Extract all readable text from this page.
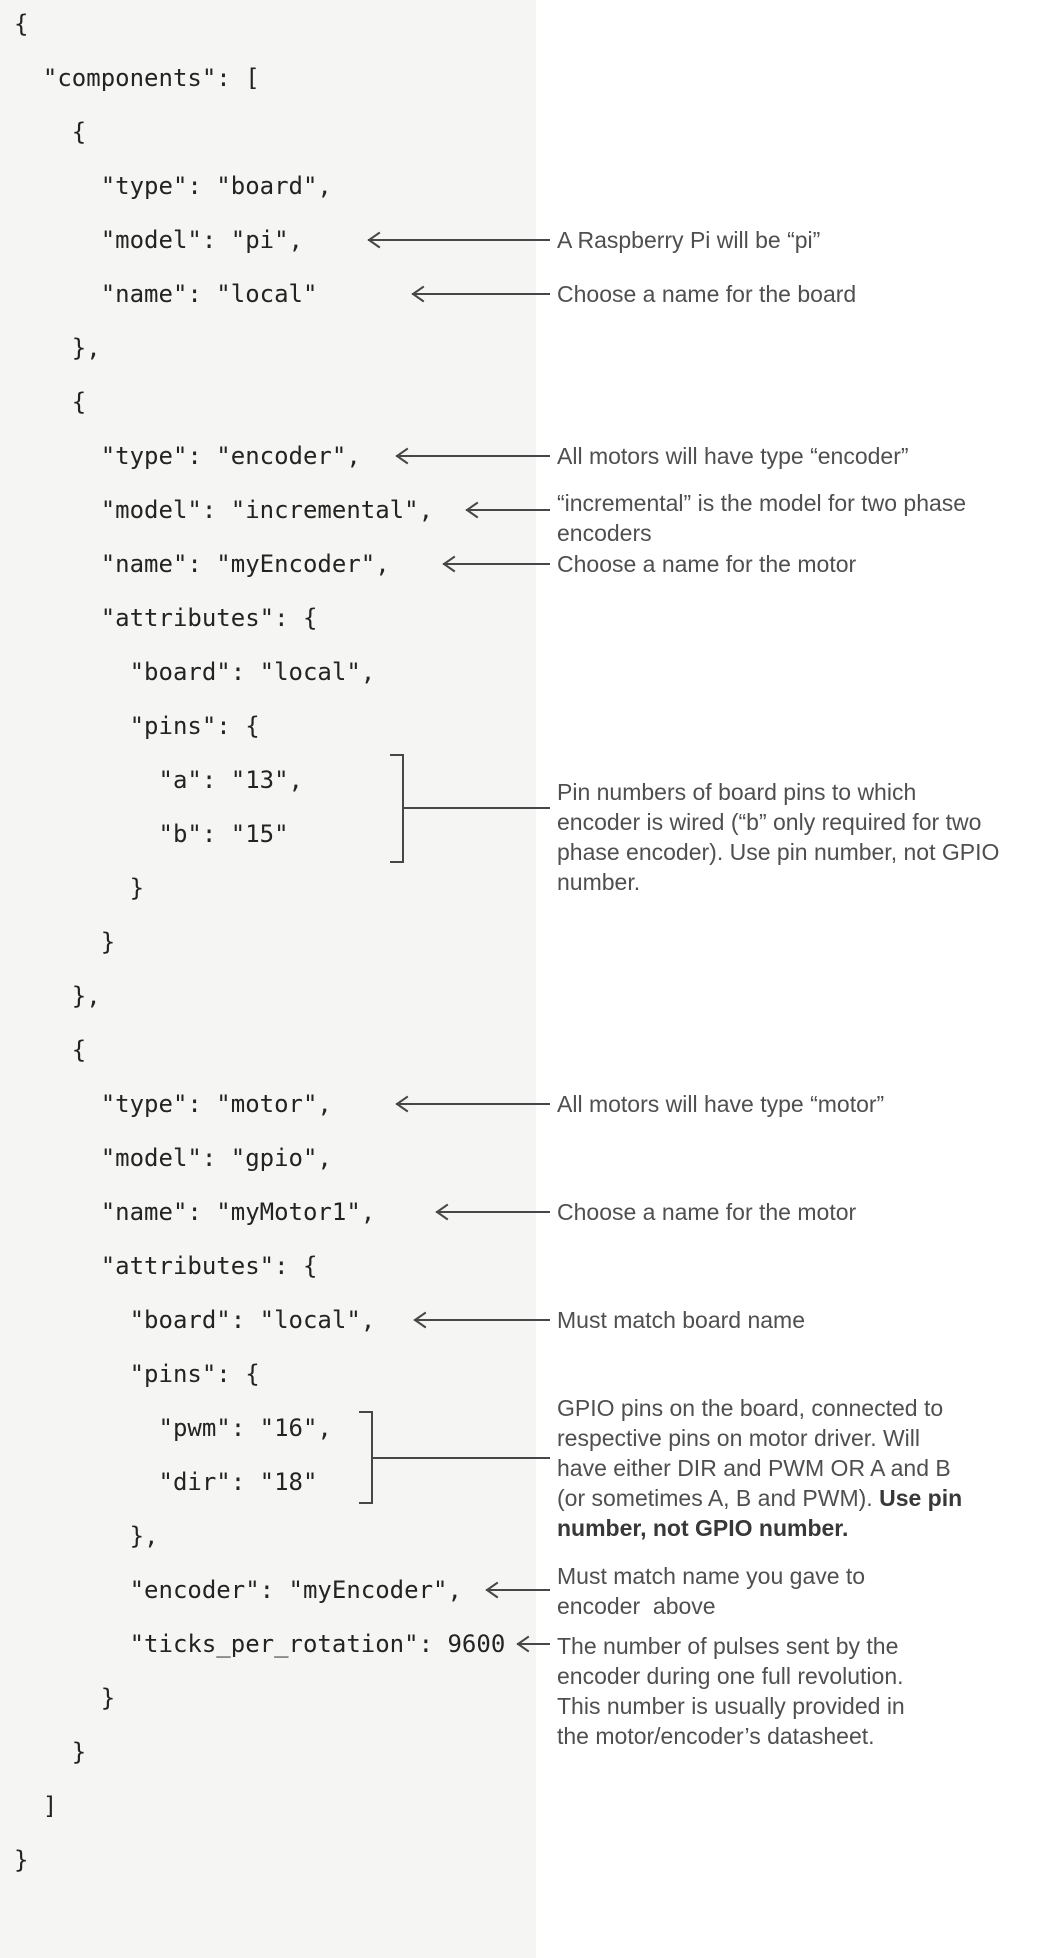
{
"components": [
{
"type": "board",
"model": "pi",
"name": "local"
},
{
"type": "encoder",
"model": "incremental",
"name": "myEncoder",
"attributes": {
"board": "local",
"pins": {
"a": "13",
"b": "15"
}
}
},
{
"type": "motor",
"model": "gpio",
"name": "myMotor1",
"attributes": {
"board": "local",
"pins": {
"pwm": "16",
"dir": "18"
},
"encoder": "myEncoder",
"ticks_per_rotation": 9600
}
}
]
}
A Raspberry Pi will be “pi”
Choose a name for the board
All motors will have type “encoder”
“incremental” is the model for two phase
encoders
Choose a name for the motor
Pin numbers of board pins to which
encoder is wired (“b” only required for two
phase encoder). Use pin number, not GPIO
number.
All motors will have type “motor”
Choose a name for the motor
Must match board name
GPIO pins on the board, connected to
respective pins on motor driver. Will
have either DIR and PWM OR A and B
(or sometimes A, B and PWM). Use pin
number, not GPIO number.
Must match name you gave to
encoder  above
The number of pulses sent by the
encoder during one full revolution.
This number is usually provided in
the motor/encoder’s datasheet.
